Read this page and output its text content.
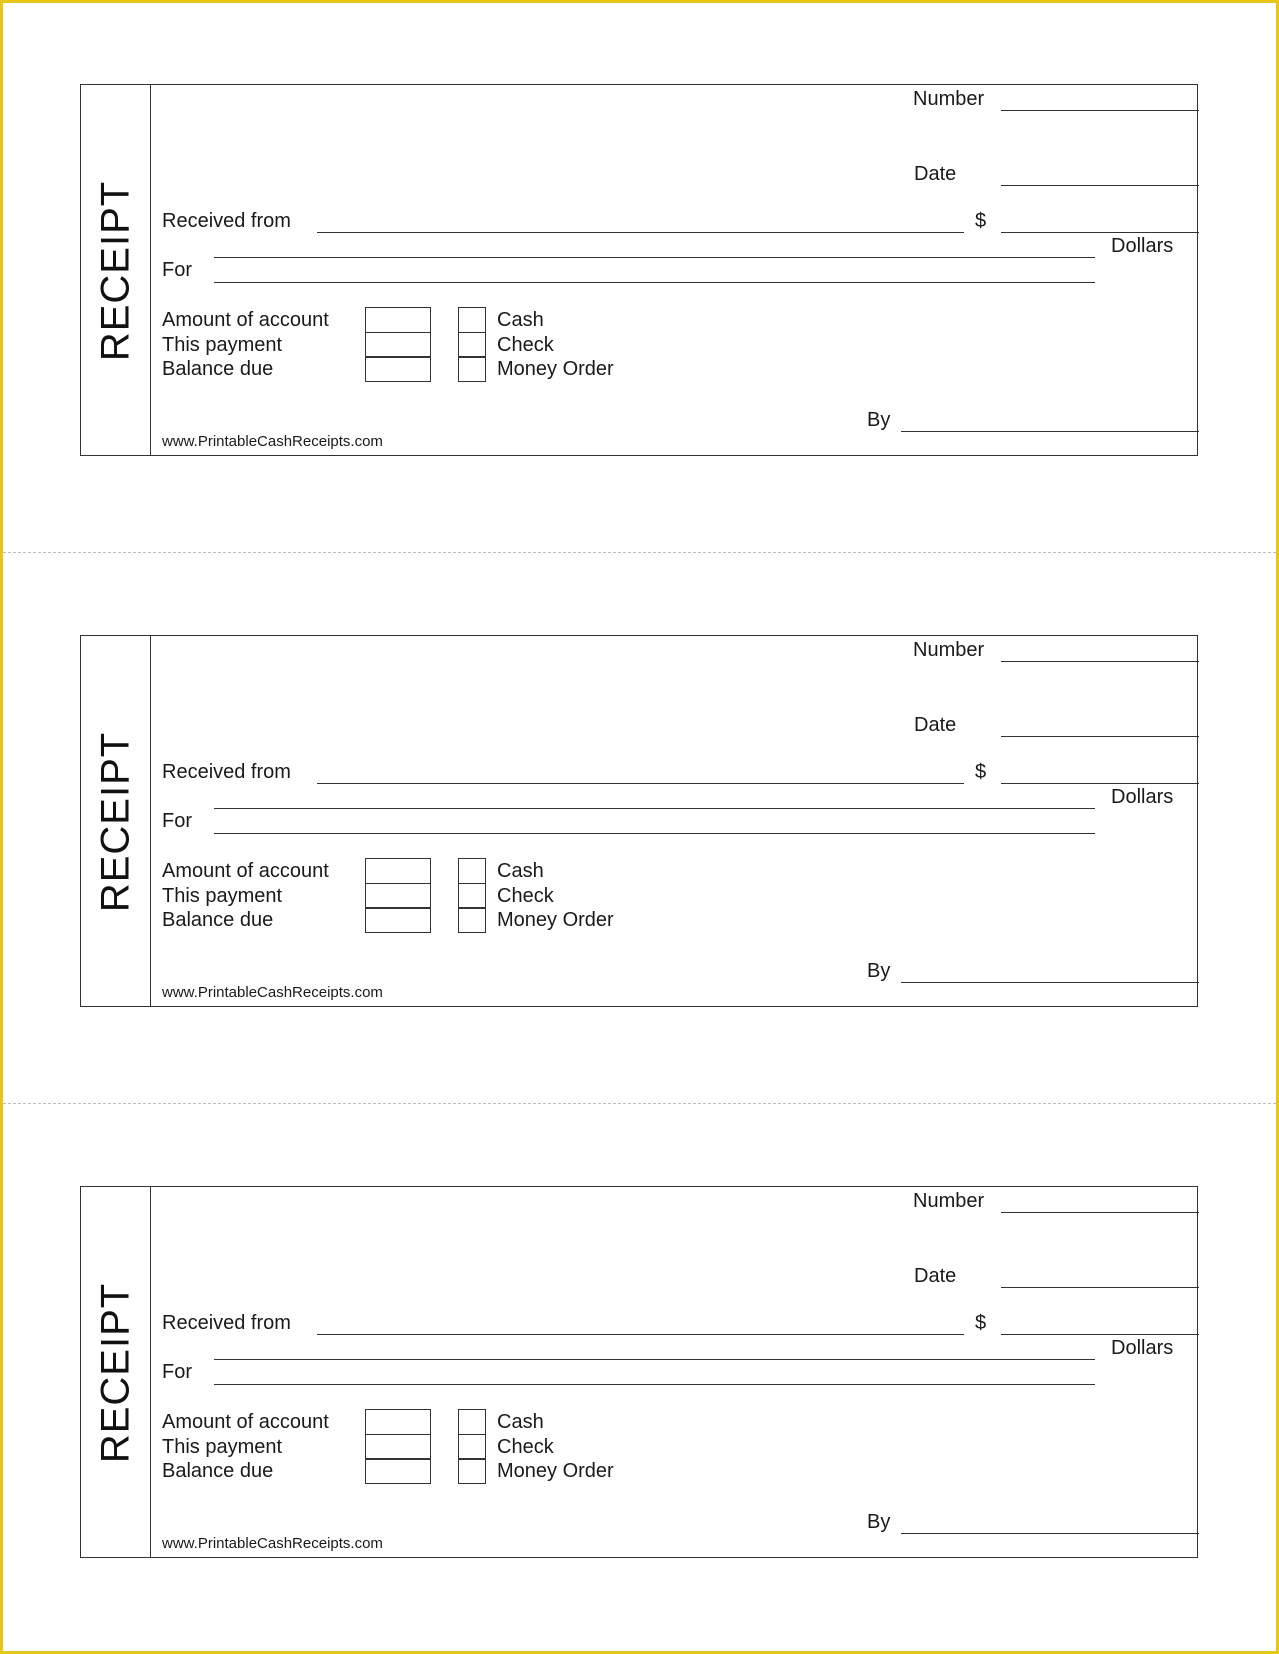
RECEIPT
Number
Date
Received from	$
Dollars
For
Amount of account
This payment
Balance due
Cash
Check
Money Order
By
www.PrintableCashReceipts.com
RECEIPT
Number
Date
Received from	$
Dollars
For
Amount of account
This payment
Balance due
Cash
Check
Money Order
By
www.PrintableCashReceipts.com
RECEIPT
Number
Date
Received from	$
Dollars
For
Amount of account
This payment
Balance due
Cash
Check
Money Order
By
www.PrintableCashReceipts.com
